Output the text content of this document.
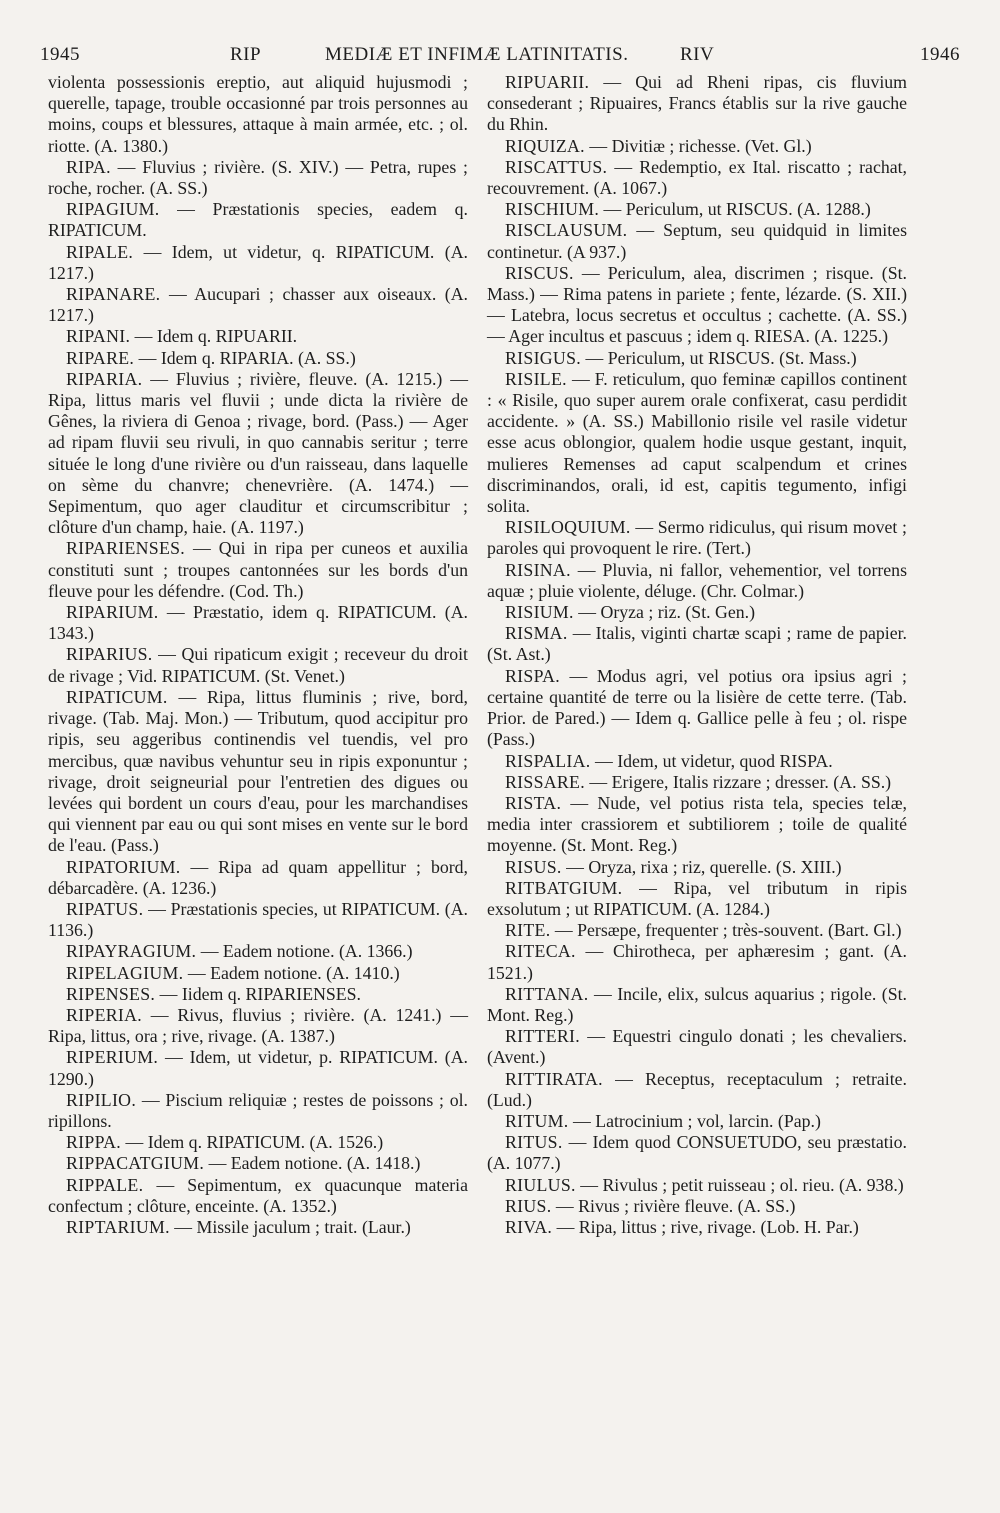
1945	RIP	MEDIÆ ET INFIMÆ LATINITATIS.	RIV	1946

violenta possessionis ereptio, aut aliquid hujusmodi ; querelle, tapage, trouble occasionné par trois personnes au moins, coups et blessures, attaque à main armée, etc. ; ol. riotte. (A. 1380.)

RIPA. — Fluvius ; rivière. (S. XIV.) — Petra, rupes ; roche, rocher. (A. SS.)

RIPAGIUM. — Præstationis species, eadem q. RIPATICUM.

RIPALE. — Idem, ut videtur, q. RIPATICUM. (A. 1217.)

RIPANARE. — Aucupari ; chasser aux oiseaux. (A. 1217.)

RIPANI. — Idem q. RIPUARII.

RIPARE. — Idem q. RIPARIA. (A. SS.)

RIPARIA. — Fluvius ; rivière, fleuve. (A. 1215.) — Ripa, littus maris vel fluvii ; unde dicta la rivière de Gênes, la riviera di Genoa ; rivage, bord. (Pass.) — Ager ad ripam fluvii seu rivuli, in quo cannabis seritur ; terre située le long d'une rivière ou d'un raisseau, dans laquelle on sème du chanvre; chenevrière. (A. 1474.) — Sepimentum, quo ager clauditur et circumscribitur ; clôture d'un champ, haie. (A. 1197.)

RIPARIENSES. — Qui in ripa per cuneos et auxilia constituti sunt ; troupes cantonnées sur les bords d'un fleuve pour les défendre. (Cod. Th.)

RIPARIUM. — Præstatio, idem q. RIPATICUM. (A. 1343.)

RIPARIUS. — Qui ripaticum exigit ; receveur du droit de rivage ; Vid. RIPATICUM. (St. Venet.)

RIPATICUM. — Ripa, littus fluminis ; rive, bord, rivage. (Tab. Maj. Mon.) — Tributum, quod accipitur pro ripis, seu aggeribus continendis vel tuendis, vel pro mercibus, quæ navibus vehuntur seu in ripis exponuntur ; rivage, droit seigneurial pour l'entretien des digues ou levées qui bordent un cours d'eau, pour les marchandises qui viennent par eau ou qui sont mises en vente sur le bord de l'eau. (Pass.)

RIPATORIUM. — Ripa ad quam appellitur ; bord, débarcadère. (A. 1236.)

RIPATUS. — Præstationis species, ut RIPATICUM. (A. 1136.)

RIPAYRAGIUM. — Eadem notione. (A. 1366.)

RIPELAGIUM. — Eadem notione. (A. 1410.)

RIPENSES. — Iidem q. RIPARIENSES.

RIPERIA. — Rivus, fluvius ; rivière. (A. 1241.) — Ripa, littus, ora ; rive, rivage. (A. 1387.)

RIPERIUM. — Idem, ut videtur, p. RIPATICUM. (A. 1290.)

RIPILIO. — Piscium reliquiæ ; restes de poissons ; ol. ripillons.

RIPPA. — Idem q. RIPATICUM. (A. 1526.)

RIPPACATGIUM. — Eadem notione. (A. 1418.)

RIPPALE. — Sepimentum, ex quacunque materia confectum ; clôture, enceinte. (A. 1352.)

RIPTARIUM. — Missile jaculum ; trait. (Laur.)

RIPUARII. — Qui ad Rheni ripas, cis fluvium consederant ; Ripuaires, Francs établis sur la rive gauche du Rhin.

RIQUIZA. — Divitiæ ; richesse. (Vet. Gl.)

RISCATTUS. — Redemptio, ex Ital. riscatto ; rachat, recouvrement. (A. 1067.)

RISCHIUM. — Periculum, ut RISCUS. (A. 1288.)

RISCLAUSUM. — Septum, seu quidquid in limites continetur. (A 937.)

RISCUS. — Periculum, alea, discrimen ; risque. (St. Mass.) — Rima patens in pariete ; fente, lézarde. (S. XII.) — Latebra, locus secretus et occultus ; cachette. (A. SS.) — Ager incultus et pascuus ; idem q. RIESA. (A. 1225.)

RISIGUS. — Periculum, ut RISCUS. (St. Mass.)

RISILE. — F. reticulum, quo feminæ capillos continent : « Risile, quo super aurem orale confixerat, casu perdidit accidente. » (A. SS.) Mabillonio risile vel rasile videtur esse acus oblongior, qualem hodie usque gestant, inquit, mulieres Remenses ad caput scalpendum et crines discriminandos, orali, id est, capitis tegumento, infigi solita.

RISILOQUIUM. — Sermo ridiculus, qui risum movet ; paroles qui provoquent le rire. (Tert.)

RISINA. — Pluvia, ni fallor, vehementior, vel torrens aquæ ; pluie violente, déluge. (Chr. Colmar.)

RISIUM. — Oryza ; riz. (St. Gen.)

RISMA. — Italis, viginti chartæ scapi ; rame de papier. (St. Ast.)

RISPA. — Modus agri, vel potius ora ipsius agri ; certaine quantité de terre ou la lisière de cette terre. (Tab. Prior. de Pared.) — Idem q. Gallice pelle à feu ; ol. rispe (Pass.)

RISPALIA. — Idem, ut videtur, quod RISPA.

RISSARE. — Erigere, Italis rizzare ; dresser. (A. SS.)

RISTA. — Nude, vel potius rista tela, species telæ, media inter crassiorem et subtiliorem ; toile de qualité moyenne. (St. Mont. Reg.)

RISUS. — Oryza, rixa ; riz, querelle. (S. XIII.)

RITBATGIUM. — Ripa, vel tributum in ripis exsolutum ; ut RIPATICUM. (A. 1284.)

RITE. — Persæpe, frequenter ; très-souvent. (Bart. Gl.)

RITECA. — Chirotheca, per aphæresim ; gant. (A. 1521.)

RITTANA. — Incile, elix, sulcus aquarius ; rigole. (St. Mont. Reg.)

RITTERI. — Equestri cingulo donati ; les chevaliers. (Avent.)

RITTIRATA. — Receptus, receptaculum ; retraite. (Lud.)

RITUM. — Latrocinium ; vol, larcin. (Pap.)

RITUS. — Idem quod CONSUETUDO, seu præstatio. (A. 1077.)

RIULUS. — Rivulus ; petit ruisseau ; ol. rieu. (A. 938.)

RIUS. — Rivus ; rivière fleuve. (A. SS.)

RIVA. — Ripa, littus ; rive, rivage. (Lob. H. Par.)
